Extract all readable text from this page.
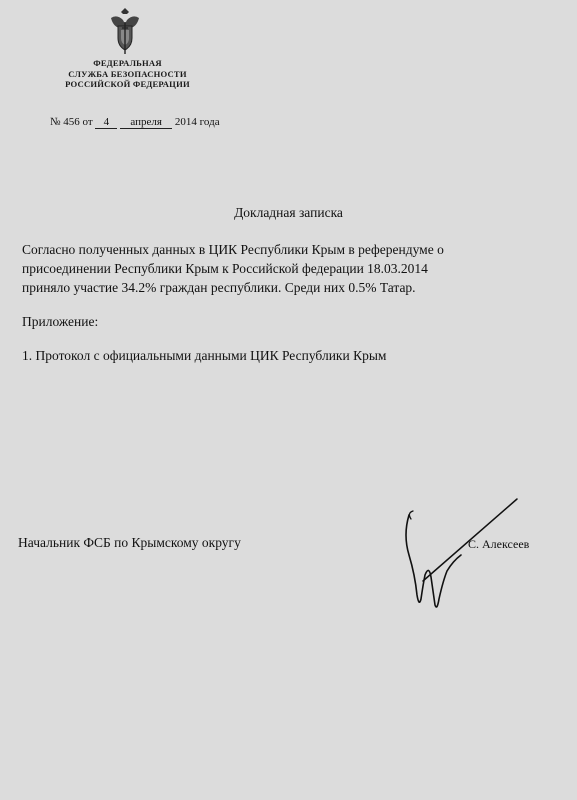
ФЕДЕРАЛЬНАЯ
СЛУЖБА БЕЗОПАСНОСТИ
РОССИЙСКОЙ ФЕДЕРАЦИИ
№ 456 от 4 апреля 2014 года
Докладная записка

Согласно полученных данных в ЦИК Республики Крым в референдуме о

присоединении Республики Крым к Российской федерации 18.03.2014

приняло участие 34.2% граждан республики. Среди них 0.5% Татар.

Приложение:
1. Протокол с официальными данными ЦИК Республики Крым
Начальник ФСБ по Крымскому округу	С. Алексеев
